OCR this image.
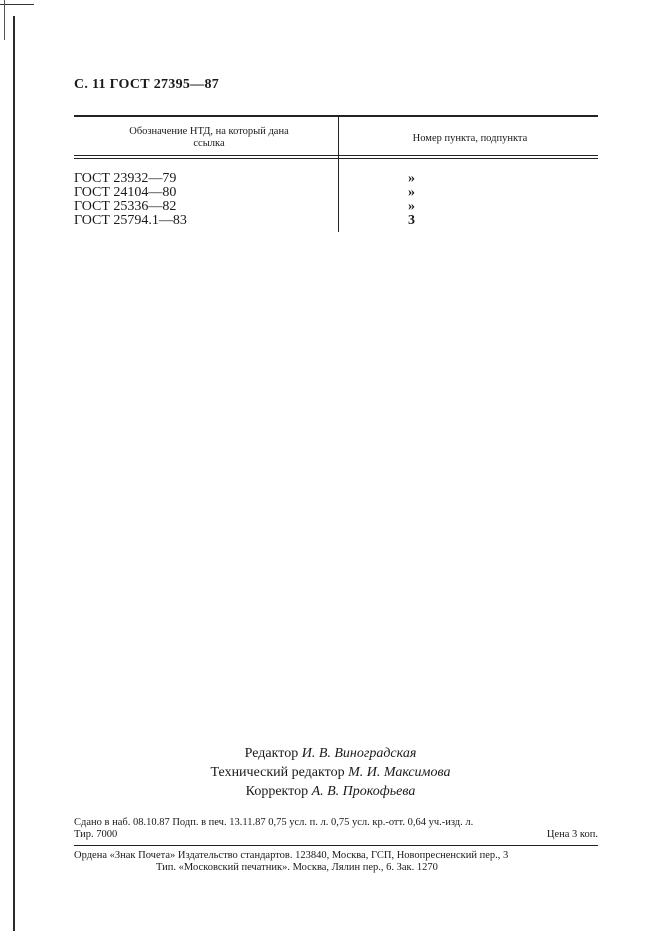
С. 11 ГОСТ 27395—87
Обозначение НТД, на который дана ссылка	Номер пункта, подпункта
ГОСТ 23932—79
ГОСТ 24104—80
ГОСТ 25336—82
ГОСТ 25794.1—83
»
»
»
3
Редактор И. В. Виноградская
Технический редактор М. И. Максимова
Корректор А. В. Прокофьева
Сдано в наб. 08.10.87 Подп. в печ. 13.11.87 0,75 усл. п. л. 0,75 усл. кр.-отт. 0,64 уч.-изд. л.
Тир. 7000	Цена 3 коп.
Ордена «Знак Почета» Издательство стандартов. 123840, Москва, ГСП, Новопресненский пер., 3
Тип. «Московский печатник». Москва, Лялин пер., 6. Зак. 1270
